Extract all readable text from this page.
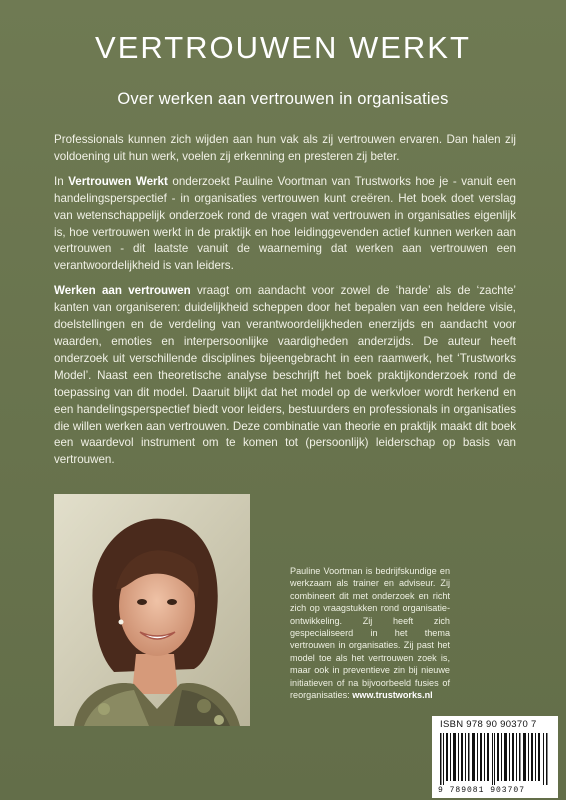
VERTROUWEN WERKT
Over werken aan vertrouwen in organisaties

Professionals kunnen zich wijden aan hun vak als zij vertrouwen ervaren. Dan halen zij voldoening uit hun werk, voelen zij erkenning en presteren zij beter.

In Vertrouwen Werkt onderzoekt Pauline Voortman van Trustworks hoe je - vanuit een handelingsperspectief - in organisaties vertrouwen kunt creëren. Het boek doet verslag van wetenschappelijk onderzoek rond de vragen wat vertrouwen in organisaties eigenlijk is, hoe vertrouwen werkt in de praktijk en hoe leidinggevenden actief kunnen werken aan vertrouwen - dit laatste vanuit de waarneming dat werken aan vertrouwen een verantwoordelijkheid is van leiders.

Werken aan vertrouwen vraagt om aandacht voor zowel de ‘harde’ als de ‘zachte’ kanten van organiseren: duidelijkheid scheppen door het bepalen van een heldere visie, doelstellingen en de verdeling van verantwoordelijkheden enerzijds en aandacht voor waarden, emoties en interpersoonlijke vaardigheden anderzijds. De auteur heeft onderzoek uit verschillende disciplines bijeengebracht in een raamwerk, het ‘Trustworks Model’. Naast een theoretische analyse beschrijft het boek praktijkonderzoek rond de toepassing van dit model. Daaruit blijkt dat het model op de werkvloer wordt herkend en een handelingsperspectief biedt voor leiders, bestuurders en professionals in organisaties die willen werken aan vertrouwen. Deze combinatie van theorie en praktijk maakt dit boek een waardevol instrument om te komen tot (persoonlijk) leiderschap op basis van vertrouwen.

Pauline Voortman is bedrijfskundige en werkzaam als trainer en adviseur. Zij combineert dit met onderzoek en richt zich op vraagstukken rond organisatie-ontwikkeling. Zij heeft zich gespecialiseerd in het thema vertrouwen in organisaties. Zij past het model toe als het vertrouwen zoek is, maar ook in preventieve zin bij nieuwe initiatieven of na bijvoorbeeld fusies of reorganisaties: www.trustworks.nl
ISBN 978 90 90370 7
9 789081 903707
